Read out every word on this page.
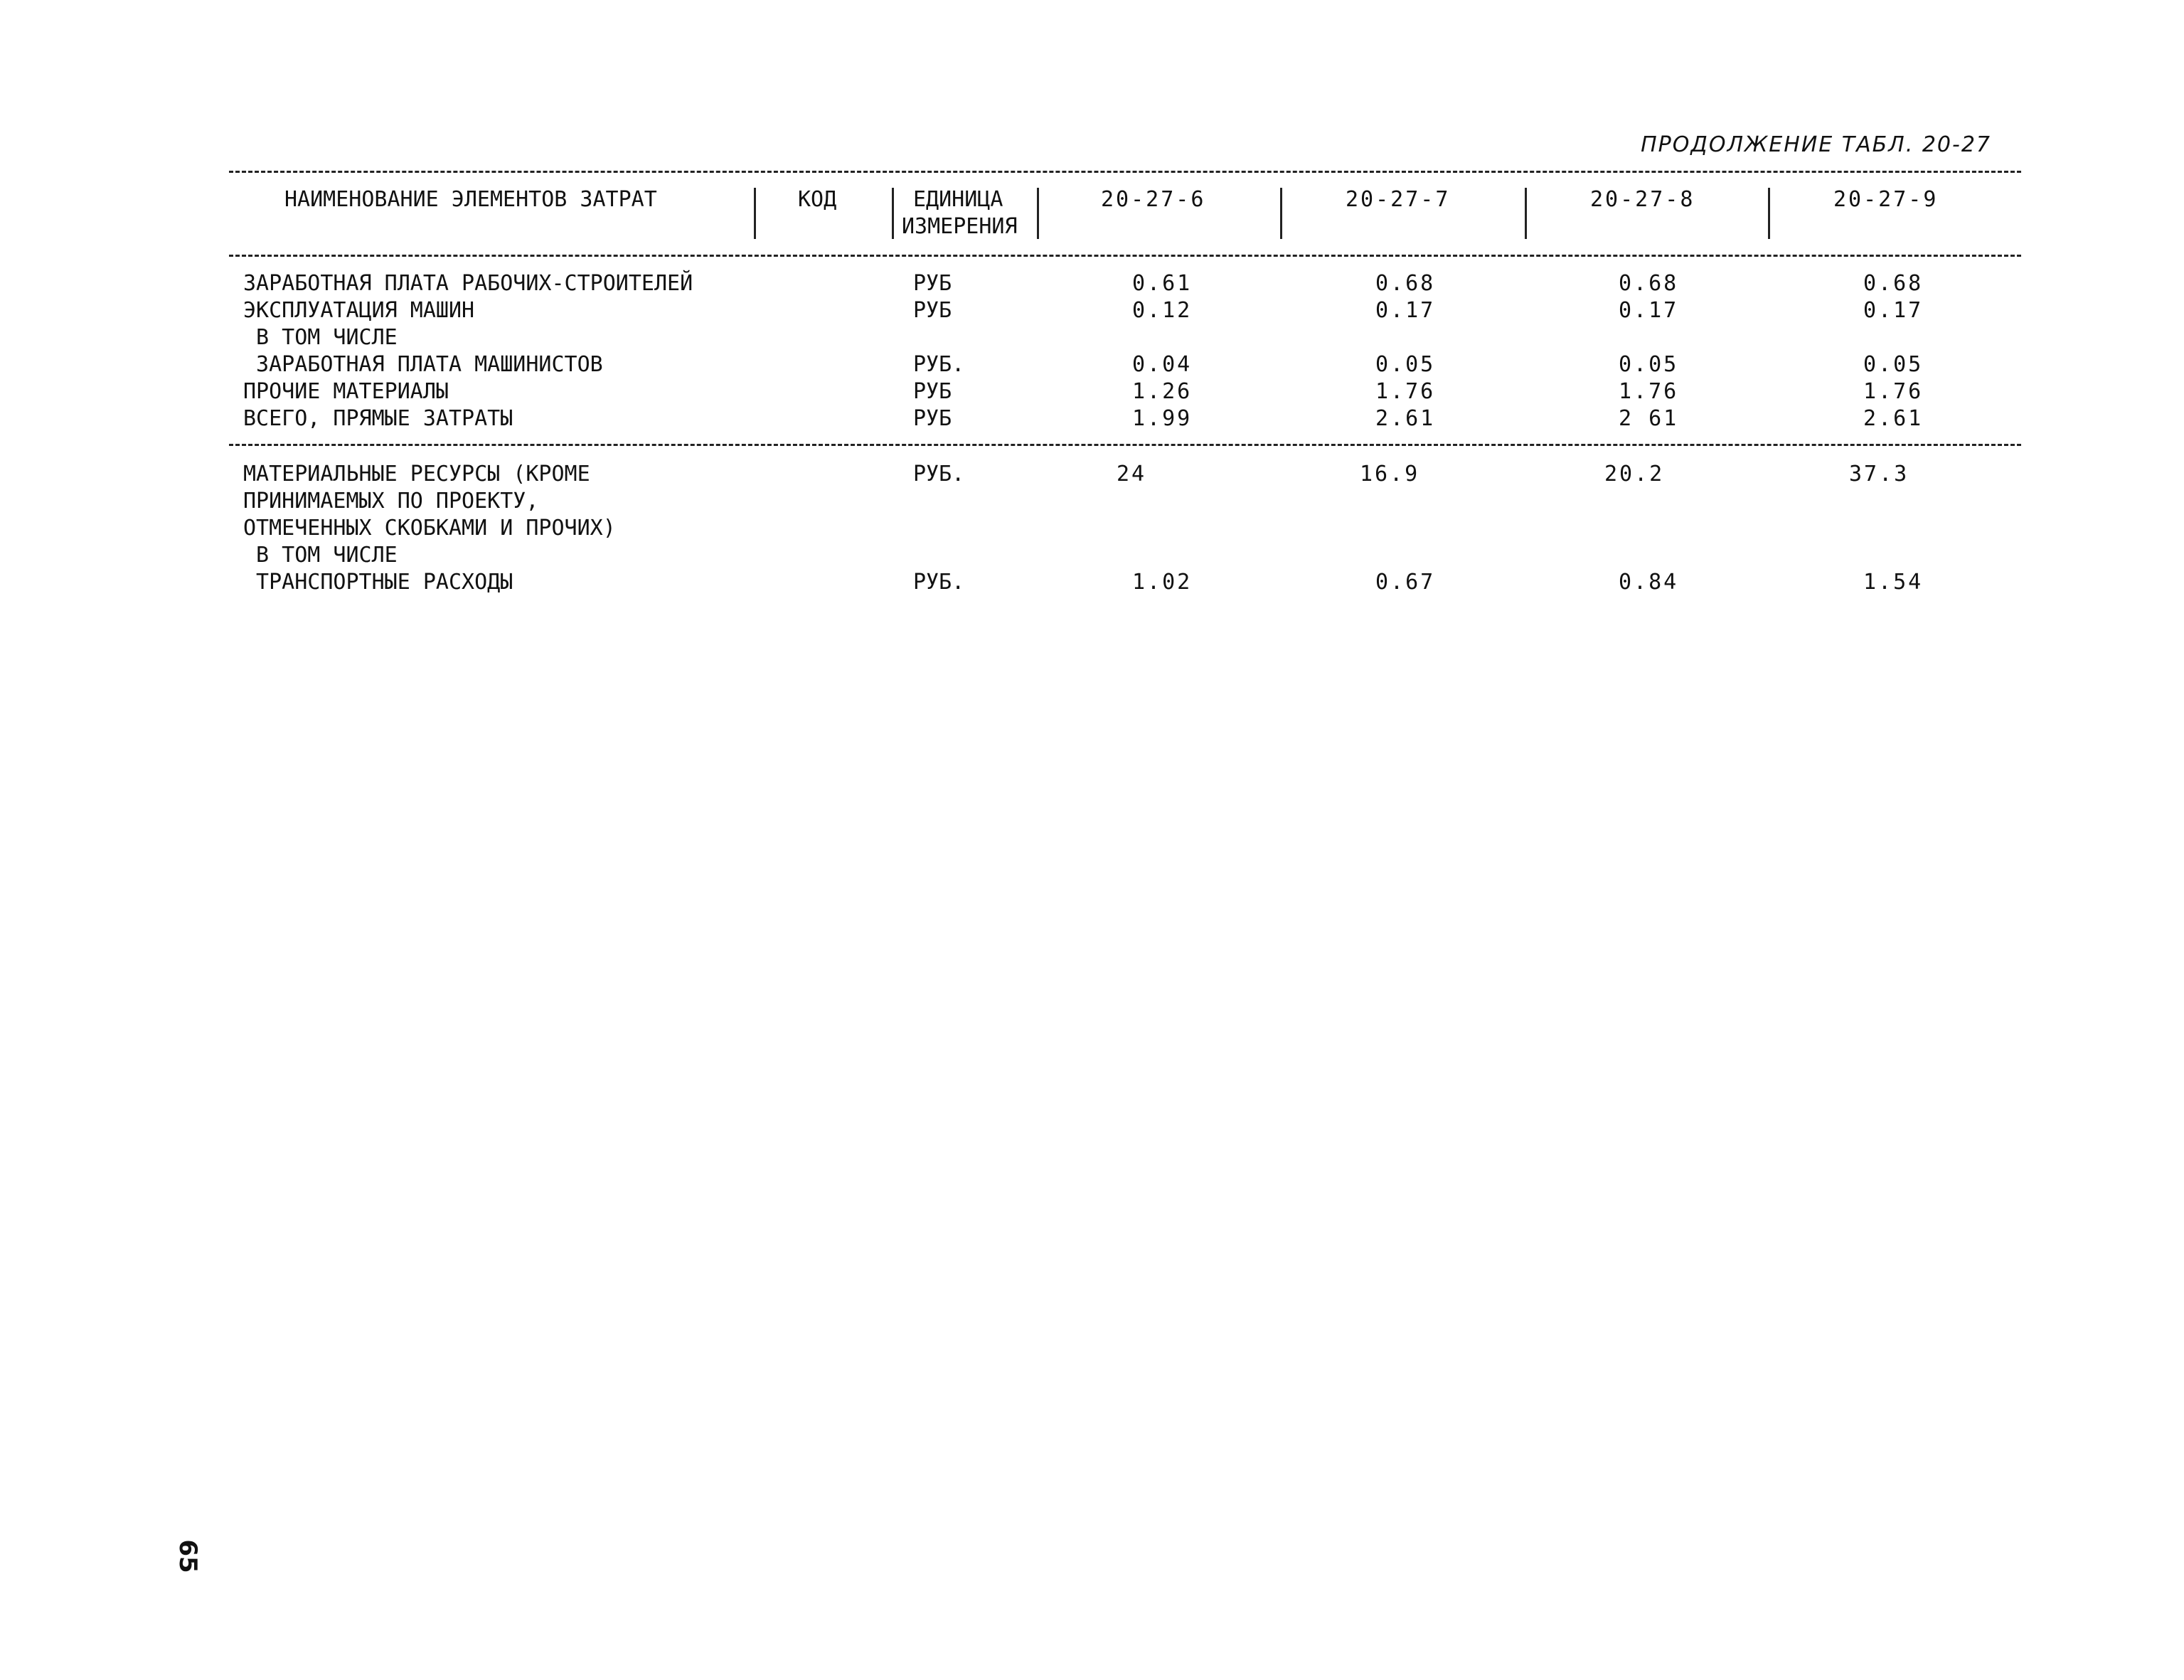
ПРОДОЛЖЕНИЕ ТАБЛ. 20-27
НАИМЕНОВАНИЕ ЭЛЕМЕНТОВ ЗАТРАТ	КОД	ЕДИНИЦА
ИЗМЕРЕНИЯ
20-27-6	20-27-7	20-27-8	20-27-9
ЗАРАБОТНАЯ ПЛАТА РАБОЧИХ-СТРОИТЕЛЕЙ	РУБ	0.61	0.68	0.68	0.68
ЭКСПЛУАТАЦИЯ МАШИН	РУБ	0.12	0.17	0.17	0.17
В ТОМ ЧИСЛЕ
ЗАРАБОТНАЯ ПЛАТА МАШИНИСТОВ	РУБ.	0.04	0.05	0.05	0.05
ПРОЧИЕ МАТЕРИАЛЫ	РУБ	1.26	1.76	1.76	1.76
ВСЕГО, ПРЯМЫЕ ЗАТРАТЫ	РУБ	1.99	2.61	2 61	2.61
МАТЕРИАЛЬНЫЕ РЕСУРСЫ (КРОМЕ	РУБ.	24	16.9	20.2	37.3
ПРИНИМАЕМЫХ ПО ПРОЕКТУ,
ОТМЕЧЕННЫХ СКОБКАМИ И ПРОЧИХ)
В ТОМ ЧИСЛЕ
ТРАНСПОРТНЫЕ РАСХОДЫ	РУБ.	1.02	0.67	0.84	1.54
65
